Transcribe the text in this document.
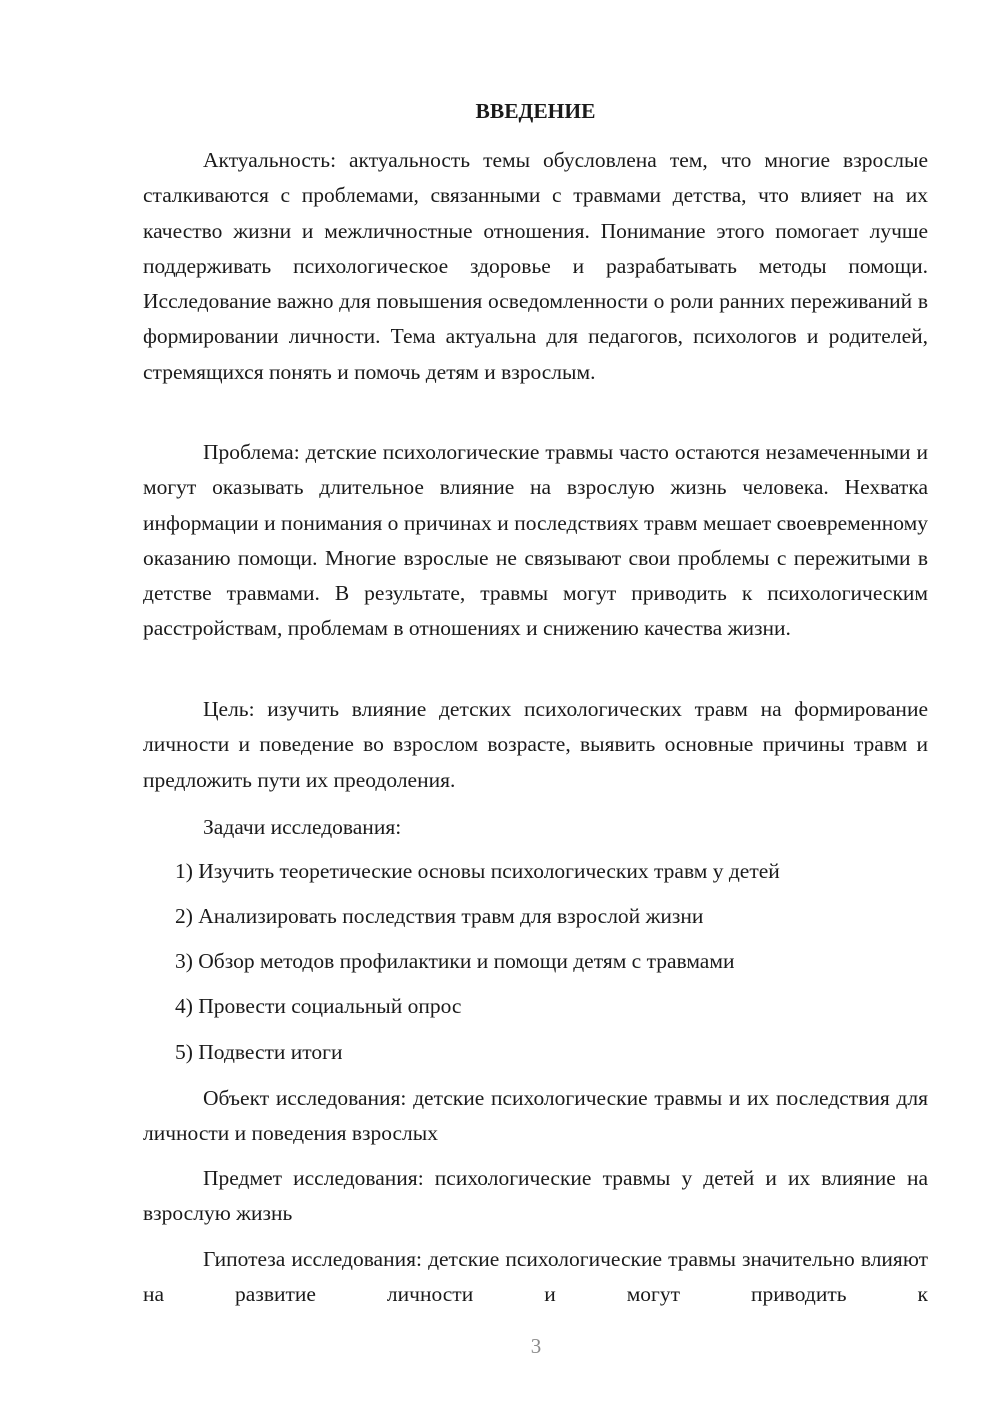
ВВЕДЕНИЕ

Актуальность: актуальность темы обусловлена тем, что многие взрослые сталкиваются с проблемами, связанными с травмами детства, что влияет на их качество жизни и межличностные отношения. Понимание этого помогает лучше поддерживать психологическое здоровье и разрабатывать методы помощи. Исследование важно для повышения осведомленности о роли ранних переживаний в формировании личности. Тема актуальна для педагогов, психологов и родителей, стремящихся понять и помочь детям и взрослым.

Проблема: детские психологические травмы часто остаются незамеченными и могут оказывать длительное влияние на взрослую жизнь человека. Нехватка информации и понимания о причинах и последствиях травм мешает своевременному оказанию помощи. Многие взрослые не связывают свои проблемы с пережитыми в детстве травмами. В результате, травмы могут приводить к психологическим расстройствам, проблемам в отношениях и снижению качества жизни.

Цель: изучить влияние детских психологических травм на формирование личности и поведение во взрослом возрасте, выявить основные причины травм и предложить пути их преодоления.

Задачи исследования:
1) Изучить теоретические основы психологических травм у детей
2) Анализировать последствия травм для взрослой жизни
3) Обзор методов профилактики и помощи детям с травмами
4) Провести социальный опрос
5) Подвести итоги

Объект исследования: детские психологические травмы и их последствия для личности и поведения взрослых

Предмет исследования: психологические травмы у детей и их влияние на взрослую жизнь

Гипотеза исследования: детские психологические травмы значительно влияют на развитие личности и могут приводить к

3
